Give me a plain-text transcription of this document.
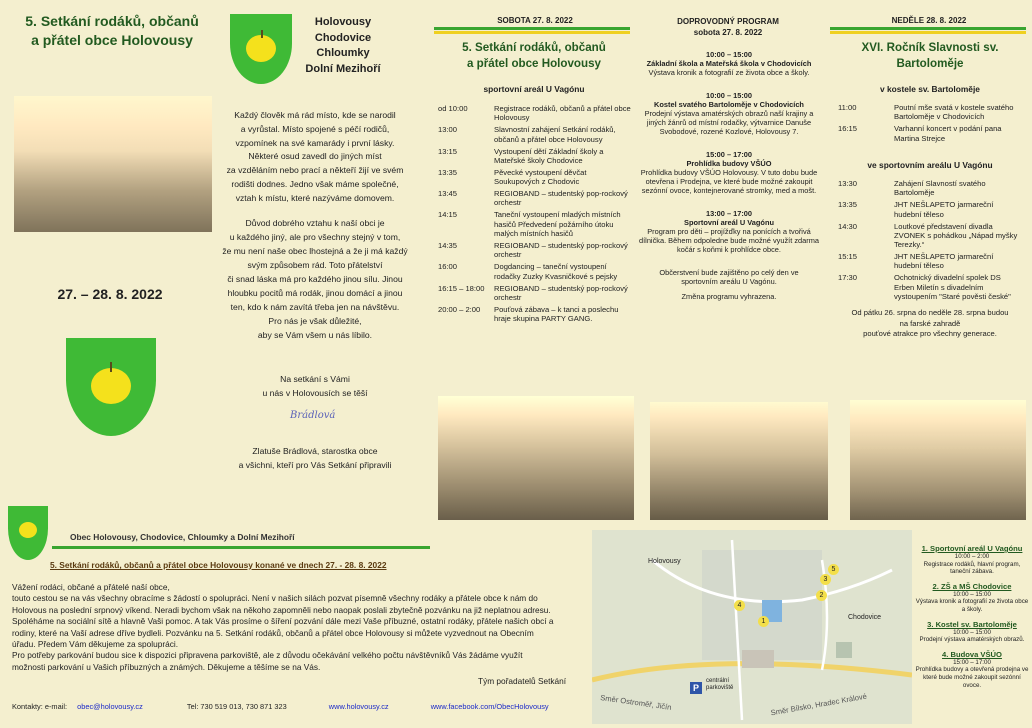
5. Setkání rodáků, občanů
a přátel obce Holovousy
Holovousy
Chodovice
Chloumky
Dolní Mezihoří
Každý člověk má rád místo, kde se narodil
a vyrůstal. Místo spojené s péčí rodičů,
vzpomínek na své kamarády i první lásky.
Některé osud zavedl do jiných míst
za vzděláním nebo prací a někteří žijí ve svém
rodišti dodnes. Jedno však máme společné,
vztah k místu, které nazýváme domovem.
Důvod dobrého vztahu k naší obci je
u každého jiný, ale pro všechny stejný v tom,
že mu není naše obec lhostejná a že ji má každý
svým způsobem rád. Toto přátelství
či snad láska má pro každého jinou sílu. Jinou
hloubku pocitů má rodák, jinou domácí a jinou
ten, kdo k nám zavítá třeba jen na návštěvu.
Pro nás je však důležité,
aby se Vám všem u nás líbilo.
27. – 28. 8. 2022
Na setkání s Vámi
u nás v Holovousích se těší
Brádlová
Zlatuše Brádlová, starostka obce
a všichni, kteří pro Vás Setkání připravili
Obec Holovousy, Chodovice, Chloumky a Dolní Mezihoří
5. Setkání rodáků, občanů a přátel obce Holovousy konané ve dnech 27. - 28. 8. 2022
Vážení rodáci, občané a přátelé naší obce,
touto cestou se na vás všechny obracíme s žádostí o spolupráci. Není v našich silách pozvat písemně všechny rodáky a přátele obce k nám do
Holovous na poslední srpnový víkend. Neradi bychom však na někoho zapomněli nebo naopak poslali zbytečně pozvánku na již neplatnou adresu.
Spoléháme na sociální sítě a hlavně Vaši pomoc. A tak Vás prosíme o šíření pozvání dále mezi Vaše příbuzné, ostatní rodáky, přátele našich obcí a
rodiny, které na Vaší adrese dříve bydleli. Pozvánku na 5. Setkání rodáků, občanů a přátel obce Holovousy si můžete vyzvednout na Obecním
úřadu. Předem Vám děkujeme za spolupráci.
Pro potřeby parkování budou sice k dispozici připravena parkoviště, ale z důvodu očekávání velkého počtu návštěvníků Vás žádáme využít
možnosti parkování u Vašich příbuzných a známých. Děkujeme a těšíme se na Vás.
Tým pořadatelů Setkání
Kontakty: e-mail: obec@holovousy.cz	Tel: 730 519 013, 730 871 323	www.holovousy.cz	www.facebook.com/ObecHolovousy
SOBOTA 27. 8. 2022
5. Setkání rodáků, občanů
a přátel obce Holovousy
sportovní areál U Vagónu
od 10:00	Registrace rodáků, občanů a přátel obce Holovousy
13:00	Slavnostní zahájení Setkání rodáků, občanů a přátel obce Holovousy
13:15	Vystoupení dětí Základní školy a Mateřské školy Chodovice
13:35	Pěvecké vystoupení děvčat Soukupových z Chodovic
13:45	REGIOBAND – studentský pop-rockový orchestr
14:15	Taneční vystoupení mladých místních hasičů Předvedení požárního útoku malých místních hasičů
14:35	REGIOBAND – studentský pop-rockový orchestr
16:00	Dogdancing – taneční vystoupení rodačky Zuzky Kvasničkové s pejsky
16:15 – 18:00	REGIOBAND – studentský pop-rockový orchestr
20:00 – 2:00	Pouťová zábava – k tanci a poslechu hraje skupina PARTY GANG.
DOPROVODNÝ PROGRAM
sobota 27. 8. 2022
10:00 – 15:00
Základní škola a Mateřská škola v Chodovicích
Výstava kronik a fotografií ze života obce a školy.
10:00 – 15:00
Kostel svatého Bartoloměje v Chodovicích
Prodejní výstava amatérských obrazů naší krajiny a jiných žánrů od místní rodačky, výtvarnice Danuše Svobodové, rozené Kozlové, Holovousy 7.
15:00 – 17:00
Prohlídka budovy VŠÚO
Prohlídka budovy VŠÚO Holovousy. V tuto dobu bude otevřena i Prodejna, ve které bude možné zakoupit sezónní ovoce, kontejnerované stromky, med a mošt.
13:00 – 17:00
Sportovní areál U Vagónu
Program pro děti – projížďky na ponících a tvořivá dílnička. Během odpoledne bude možné využít zdarma kočár s koňmi k prohlídce obce.
Občerstvení bude zajištěno po celý den ve sportovním areálu U Vagónu.
Změna programu vyhrazena.
NEDĚLE 28. 8. 2022
XVI. Ročník Slavnosti sv.
Bartoloměje
v kostele sv. Bartoloměje
11:00	Poutní mše svatá v kostele svatého Bartoloměje v Chodovicích
16:15	Varhanní koncert v podání pana Martina Strejce
ve sportovním areálu U Vagónu
13:30	Zahájení Slavností svatého Bartoloměje
13:35	JHT NEŠLAPETO jarmareční hudební těleso
14:30	Loutkové představení divadla ZVONEK s pohádkou „Nápad myšky Terezky.“
15:15	JHT NEŠLAPETO jarmareční hudební těleso
17:30	Ochotnický divadelní spolek DS Erben Miletín s divadelním vystoupením "Staré pověsti české"
Od pátku 26. srpna do neděle 28. srpna budou
na farské zahradě
pouťové atrakce pro všechny generace.
Holovousy
Chodovice
P
centrální parkoviště
Směr Ostroměř, Jičín	Směr Bílsko, Hradec Králové
1
2
3
4
5
1. Sportovní areál U Vagónu
10:00 – 2:00
Registrace rodáků, hlavní program, taneční zábava.
2. ZŠ a MŠ Chodovice
10:00 – 15:00
Výstava kronik a fotografií ze života obce a školy.
3. Kostel sv. Bartoloměje
10:00 – 15:00
Prodejní výstava amatérských obrazů.
4. Budova VŠÚO
15:00 – 17:00
Prohlídka budovy a otevřená prodejna ve které bude možné zakoupit sezónní ovoce.
